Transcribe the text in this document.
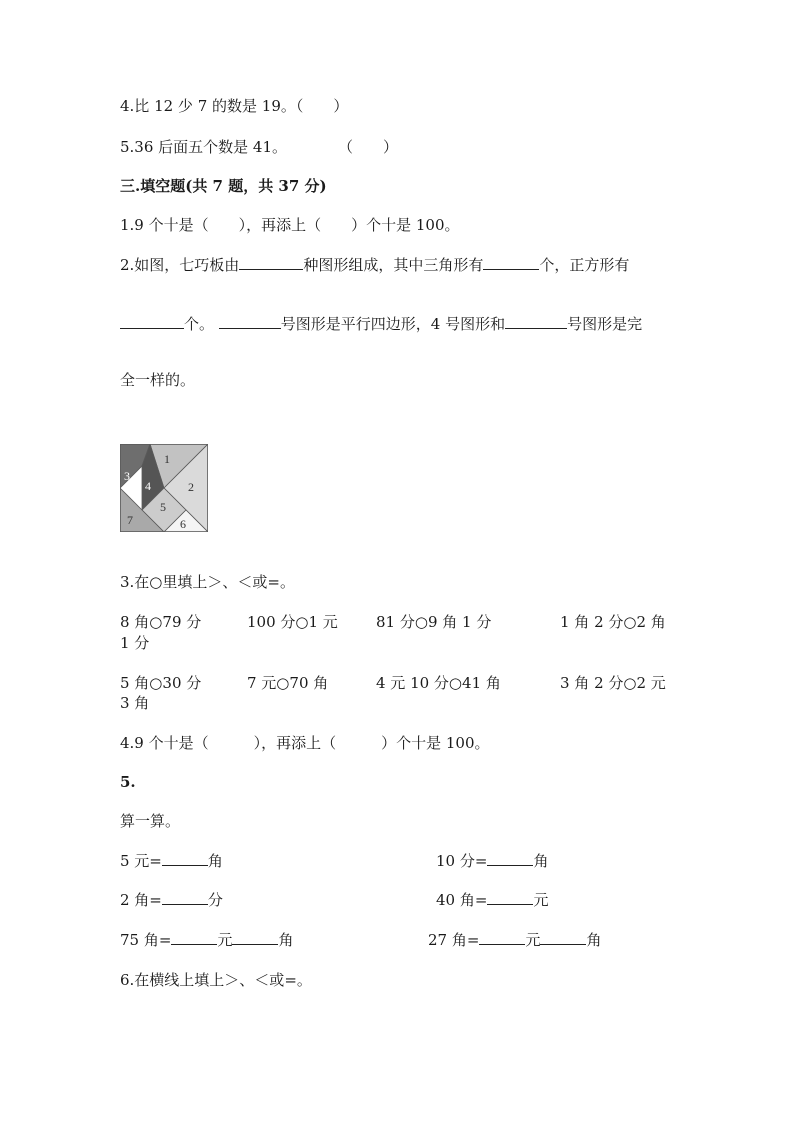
4.比 12 少 7 的数是 19。（　　）
5.36 后面五个数是 41。	（　　）
三.填空题(共 7 题，共 37 分)
1.9 个十是（　　），再添上（　　）个十是 100。
2.如图，七巧板由	种图形组成，其中三角形有	个，正方形有
个。	号图形是平行四边形，4 号图形和	号图形是完
全一样的。
1
2
3
4
5
6
7
3.在○里填上＞、＜或=。
8 角○79 分	100 分○1 元	81 分○9 角 1 分	1 角 2 分○2 角
1 分
5 角○30 分	7 元○70 角	4 元 10 分○41 角	3 角 2 分○2 元
3 角
4.9 个十是（　　　），再添上（　　　）个十是 100。
5.
算一算。
5 元=	角	10 分=	角
2 角=	分	40 角=	元
75 角=	元	角	27 角=	元	角
6.在横线上填上＞、＜或=。
